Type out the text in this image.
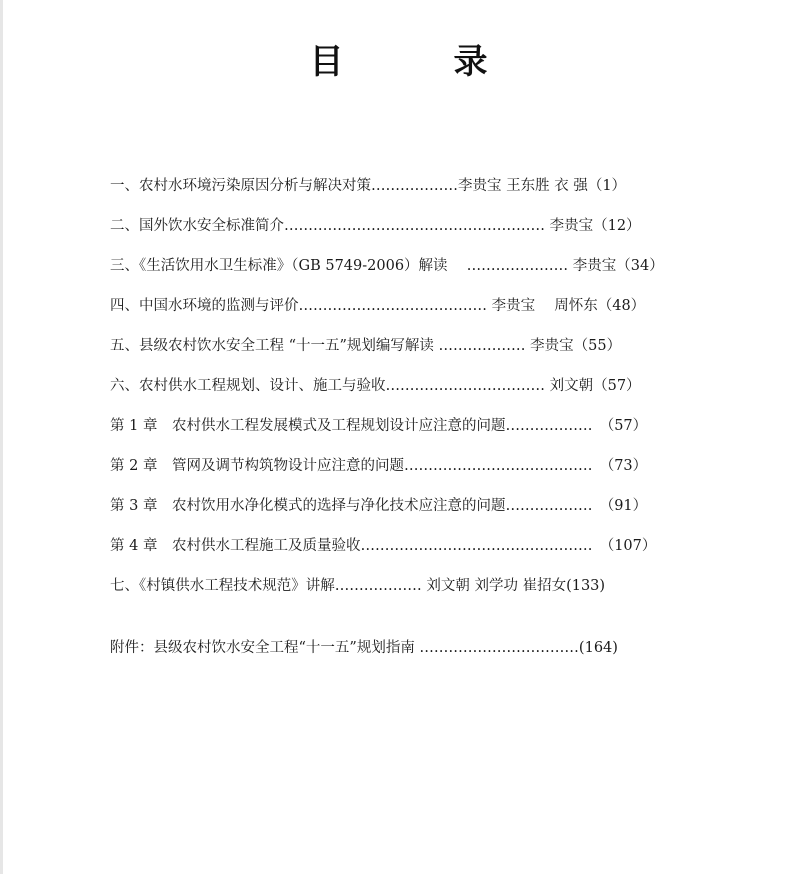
目　录
一、农村水环境污染原因分析与解决对策………………李贵宝 王东胜 衣 强（1）
二、国外饮水安全标准简介……………………………………………… 李贵宝（12）
三、《生活饮用水卫生标准》（GB 5749-2006）解读　 ………………… 李贵宝（34）
四、中国水环境的监测与评价………………………………… 李贵宝　 周怀东（48）
五、县级农村饮水安全工程 “十一五”规划编写解读 ……………… 李贵宝（55）
六、农村供水工程规划、设计、施工与验收…………………………… 刘文朝（57）
第 1 章　农村供水工程发展模式及工程规划设计应注意的问题………………　（57）
第 2 章　管网及调节构筑物设计应注意的问题…………………………………　（73）
第 3 章　农村饮用水净化模式的选择与净化技术应注意的问题………………　（91）
第 4 章　农村供水工程施工及质量验收…………………………………………　（107）
七、《村镇供水工程技术规范》讲解……………… 刘文朝 刘学功 崔招女(133)
附件：县级农村饮水安全工程“十一五”规划指南 ……………………………(164)
